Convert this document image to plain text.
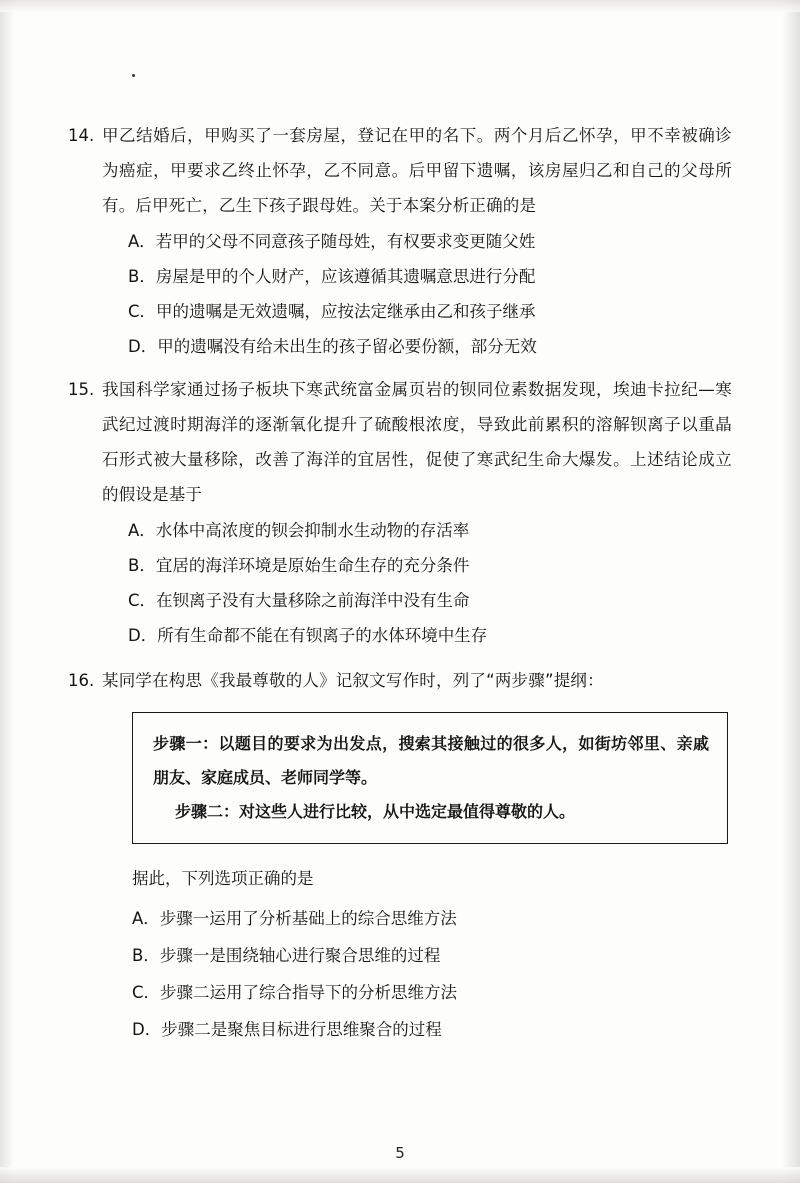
14. 甲乙结婚后，甲购买了一套房屋，登记在甲的名下。两个月后乙怀孕，甲不幸被确诊为癌症，甲要求乙终止怀孕，乙不同意。后甲留下遗嘱，该房屋归乙和自己的父母所有。后甲死亡，乙生下孩子跟母姓。关于本案分析正确的是
A．若甲的父母不同意孩子随母姓，有权要求变更随父姓
B．房屋是甲的个人财产，应该遵循其遗嘱意思进行分配
C．甲的遗嘱是无效遗嘱，应按法定继承由乙和孩子继承
D．甲的遗嘱没有给未出生的孩子留必要份额，部分无效
15. 我国科学家通过扬子板块下寒武统富金属页岩的钡同位素数据发现，埃迪卡拉纪—寒武纪过渡时期海洋的逐渐氧化提升了硫酸根浓度，导致此前累积的溶解钡离子以重晶石形式被大量移除，改善了海洋的宜居性，促使了寒武纪生命大爆发。上述结论成立的假设是基于
A．水体中高浓度的钡会抑制水生动物的存活率
B．宜居的海洋环境是原始生命生存的充分条件
C．在钡离子没有大量移除之前海洋中没有生命
D．所有生命都不能在有钡离子的水体环境中生存
16. 某同学在构思《我最尊敬的人》记叙文写作时，列了“两步骤”提纲：

步骤一：以题目的要求为出发点，搜索其接触过的很多人，如街坊邻里、亲戚朋友、家庭成员、老师同学等。

步骤二：对这些人进行比较，从中选定最值得尊敬的人。

据此，下列选项正确的是
A．步骤一运用了分析基础上的综合思维方法
B．步骤一是围绕轴心进行聚合思维的过程
C．步骤二运用了综合指导下的分析思维方法
D．步骤二是聚焦目标进行思维聚合的过程
5
